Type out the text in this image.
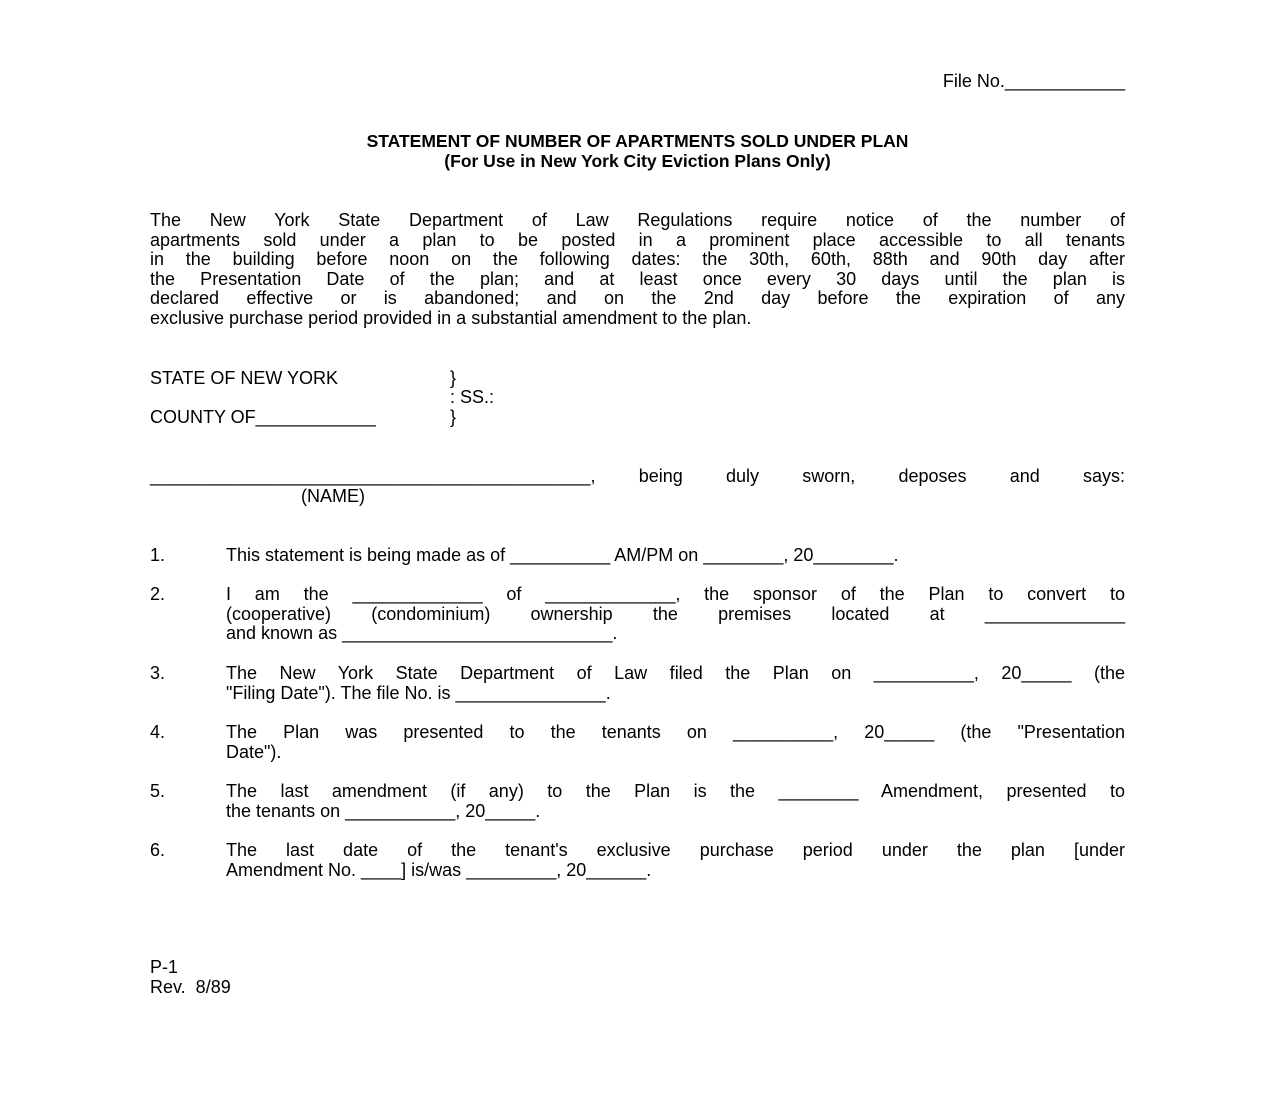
File No.____________
STATEMENT OF NUMBER OF APARTMENTS SOLD UNDER PLAN
(For Use in New York City Eviction Plans Only)
The New York State Department of Law Regulations require notice of the number of
apartments sold under a plan to be posted in a prominent place accessible to all tenants
in the building before noon on the following dates: the 30th, 60th, 88th and 90th day after
the Presentation Date of the plan; and at least once every 30 days until the plan is
declared effective or is abandoned; and on the 2nd day before the expiration of any
exclusive purchase period provided in a substantial amendment to the plan.
STATE OF NEW YORK	}
: SS.:
COUNTY OF____________	}
____________________________________________, being duly sworn, deposes and says:
(NAME)
1.	This statement is being made as of __________ AM/PM on ________, 20________.
2.	I am the _____________ of _____________, the sponsor of the Plan to convert to
(cooperative) (condominium) ownership the premises located at ______________
and known as ___________________________.
3.	The New York State Department of Law filed the Plan on __________, 20_____ (the
"Filing Date"). The file No. is _______________.
4.	The Plan was presented to the tenants on __________, 20_____ (the "Presentation
Date").
5.	The last amendment (if any) to the Plan is the ________ Amendment, presented to
the tenants on ___________, 20_____.
6.	The last date of the tenant's exclusive purchase period under the plan [under
Amendment No. ____] is/was _________, 20______.
P-1
Rev.  8/89
